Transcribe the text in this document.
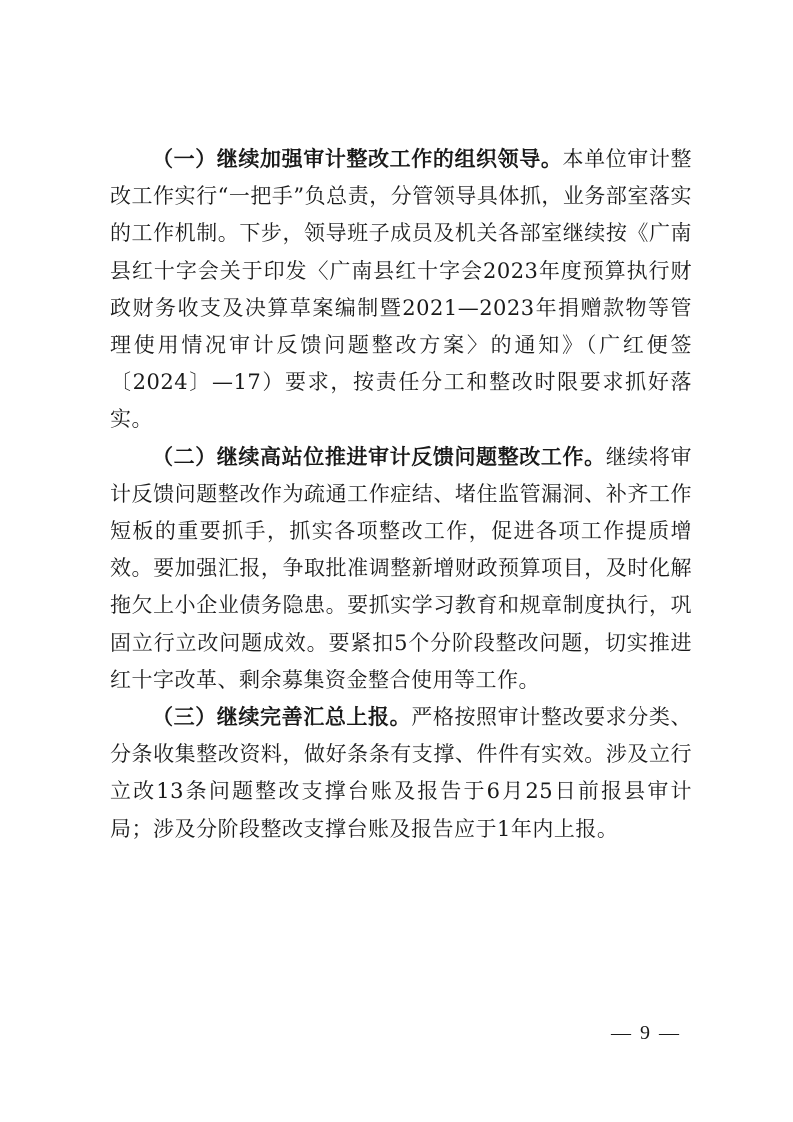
（一）继续加强审计整改工作的组织领导。本单位审计整改工作实行“一把手”负总责，分管领导具体抓，业务部室落实的工作机制。下步，领导班子成员及机关各部室继续按《广南县红十字会关于印发〈广南县红十字会2023年度预算执行财政财务收支及决算草案编制暨2021—2023年捐赠款物等管理使用情况审计反馈问题整改方案〉的通知》（广红便签〔2024〕—17）要求，按责任分工和整改时限要求抓好落实。

（二）继续高站位推进审计反馈问题整改工作。继续将审计反馈问题整改作为疏通工作症结、堵住监管漏洞、补齐工作短板的重要抓手，抓实各项整改工作，促进各项工作提质增效。要加强汇报，争取批准调整新增财政预算项目，及时化解拖欠上小企业债务隐患。要抓实学习教育和规章制度执行，巩固立行立改问题成效。要紧扣5个分阶段整改问题，切实推进红十字改革、剩余募集资金整合使用等工作。

（三）继续完善汇总上报。严格按照审计整改要求分类、分条收集整改资料，做好条条有支撑、件件有实效。涉及立行立改13条问题整改支撑台账及报告于6月25日前报县审计局；涉及分阶段整改支撑台账及报告应于1年内上报。

— 9 —
